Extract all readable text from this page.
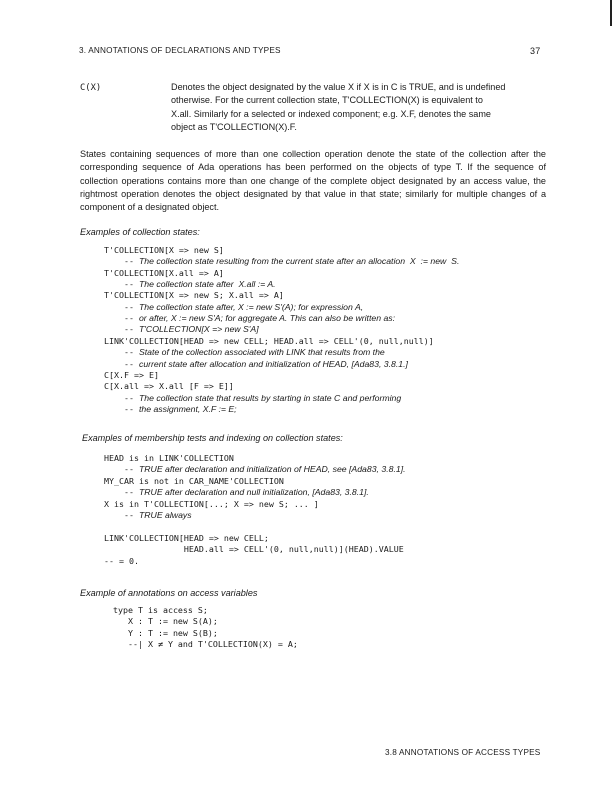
3. ANNOTATIONS OF DECLARATIONS AND TYPES	37
C(X)	Denotes the object designated by the value X if X is in C is TRUE, and is undefined
otherwise. For the current collection state, T'COLLECTION(X) is equivalent to
X.all. Similarly for a selected or indexed component; e.g. X.F, denotes the same
object as T'COLLECTION(X).F.
States containing sequences of more than one collection operation denote the state of the collection after the corresponding sequence of Ada operations has been performed on the objects of type T. If the sequence of collection operations contains more than one change of the complete object designated by an access value, the rightmost operation denotes the object designated by that value in that state; similarly for multiple changes of a component of a designated object.
Examples of collection states:
T'COLLECTION[X => new S]
-- The collection state resulting from the current state after an allocation  X  := new  S.
T'COLLECTION[X.all => A]
-- The collection state after  X.all := A.
T'COLLECTION[X => new S; X.all => A]
-- The collection state after, X := new S'(A); for expression A,
-- or after, X := new S'A; for aggregate A. This can also be written as:
-- T'COLLECTION[X => new S'A]
LINK'COLLECTION[HEAD => new CELL; HEAD.all => CELL'(0, null,null)]
-- State of the collection associated with LINK that results from the
-- current state after allocation and initialization of HEAD, [Ada83, 3.8.1.]
C[X.F => E]
C[X.all => X.all [F => E]]
-- The collection state that results by starting in state C and performing
-- the assignment, X.F := E;
Examples of membership tests and indexing on collection states:
HEAD is in LINK'COLLECTION
-- TRUE after declaration and initialization of HEAD, see [Ada83, 3.8.1].
MY_CAR is not in CAR_NAME'COLLECTION
-- TRUE after declaration and null initialization, [Ada83, 3.8.1].
X is in T'COLLECTION[...; X => new S; ... ]
-- TRUE always
LINK'COLLECTION[HEAD => new CELL;
HEAD.all => CELL'(0, null,null)](HEAD).VALUE
-- = 0.
Example of annotations on access variables
type T is access S;
X : T := new S(A);
Y : T := new S(B);
--| X ≠ Y and T'COLLECTION(X) = A;
3.8 ANNOTATIONS OF ACCESS TYPES
